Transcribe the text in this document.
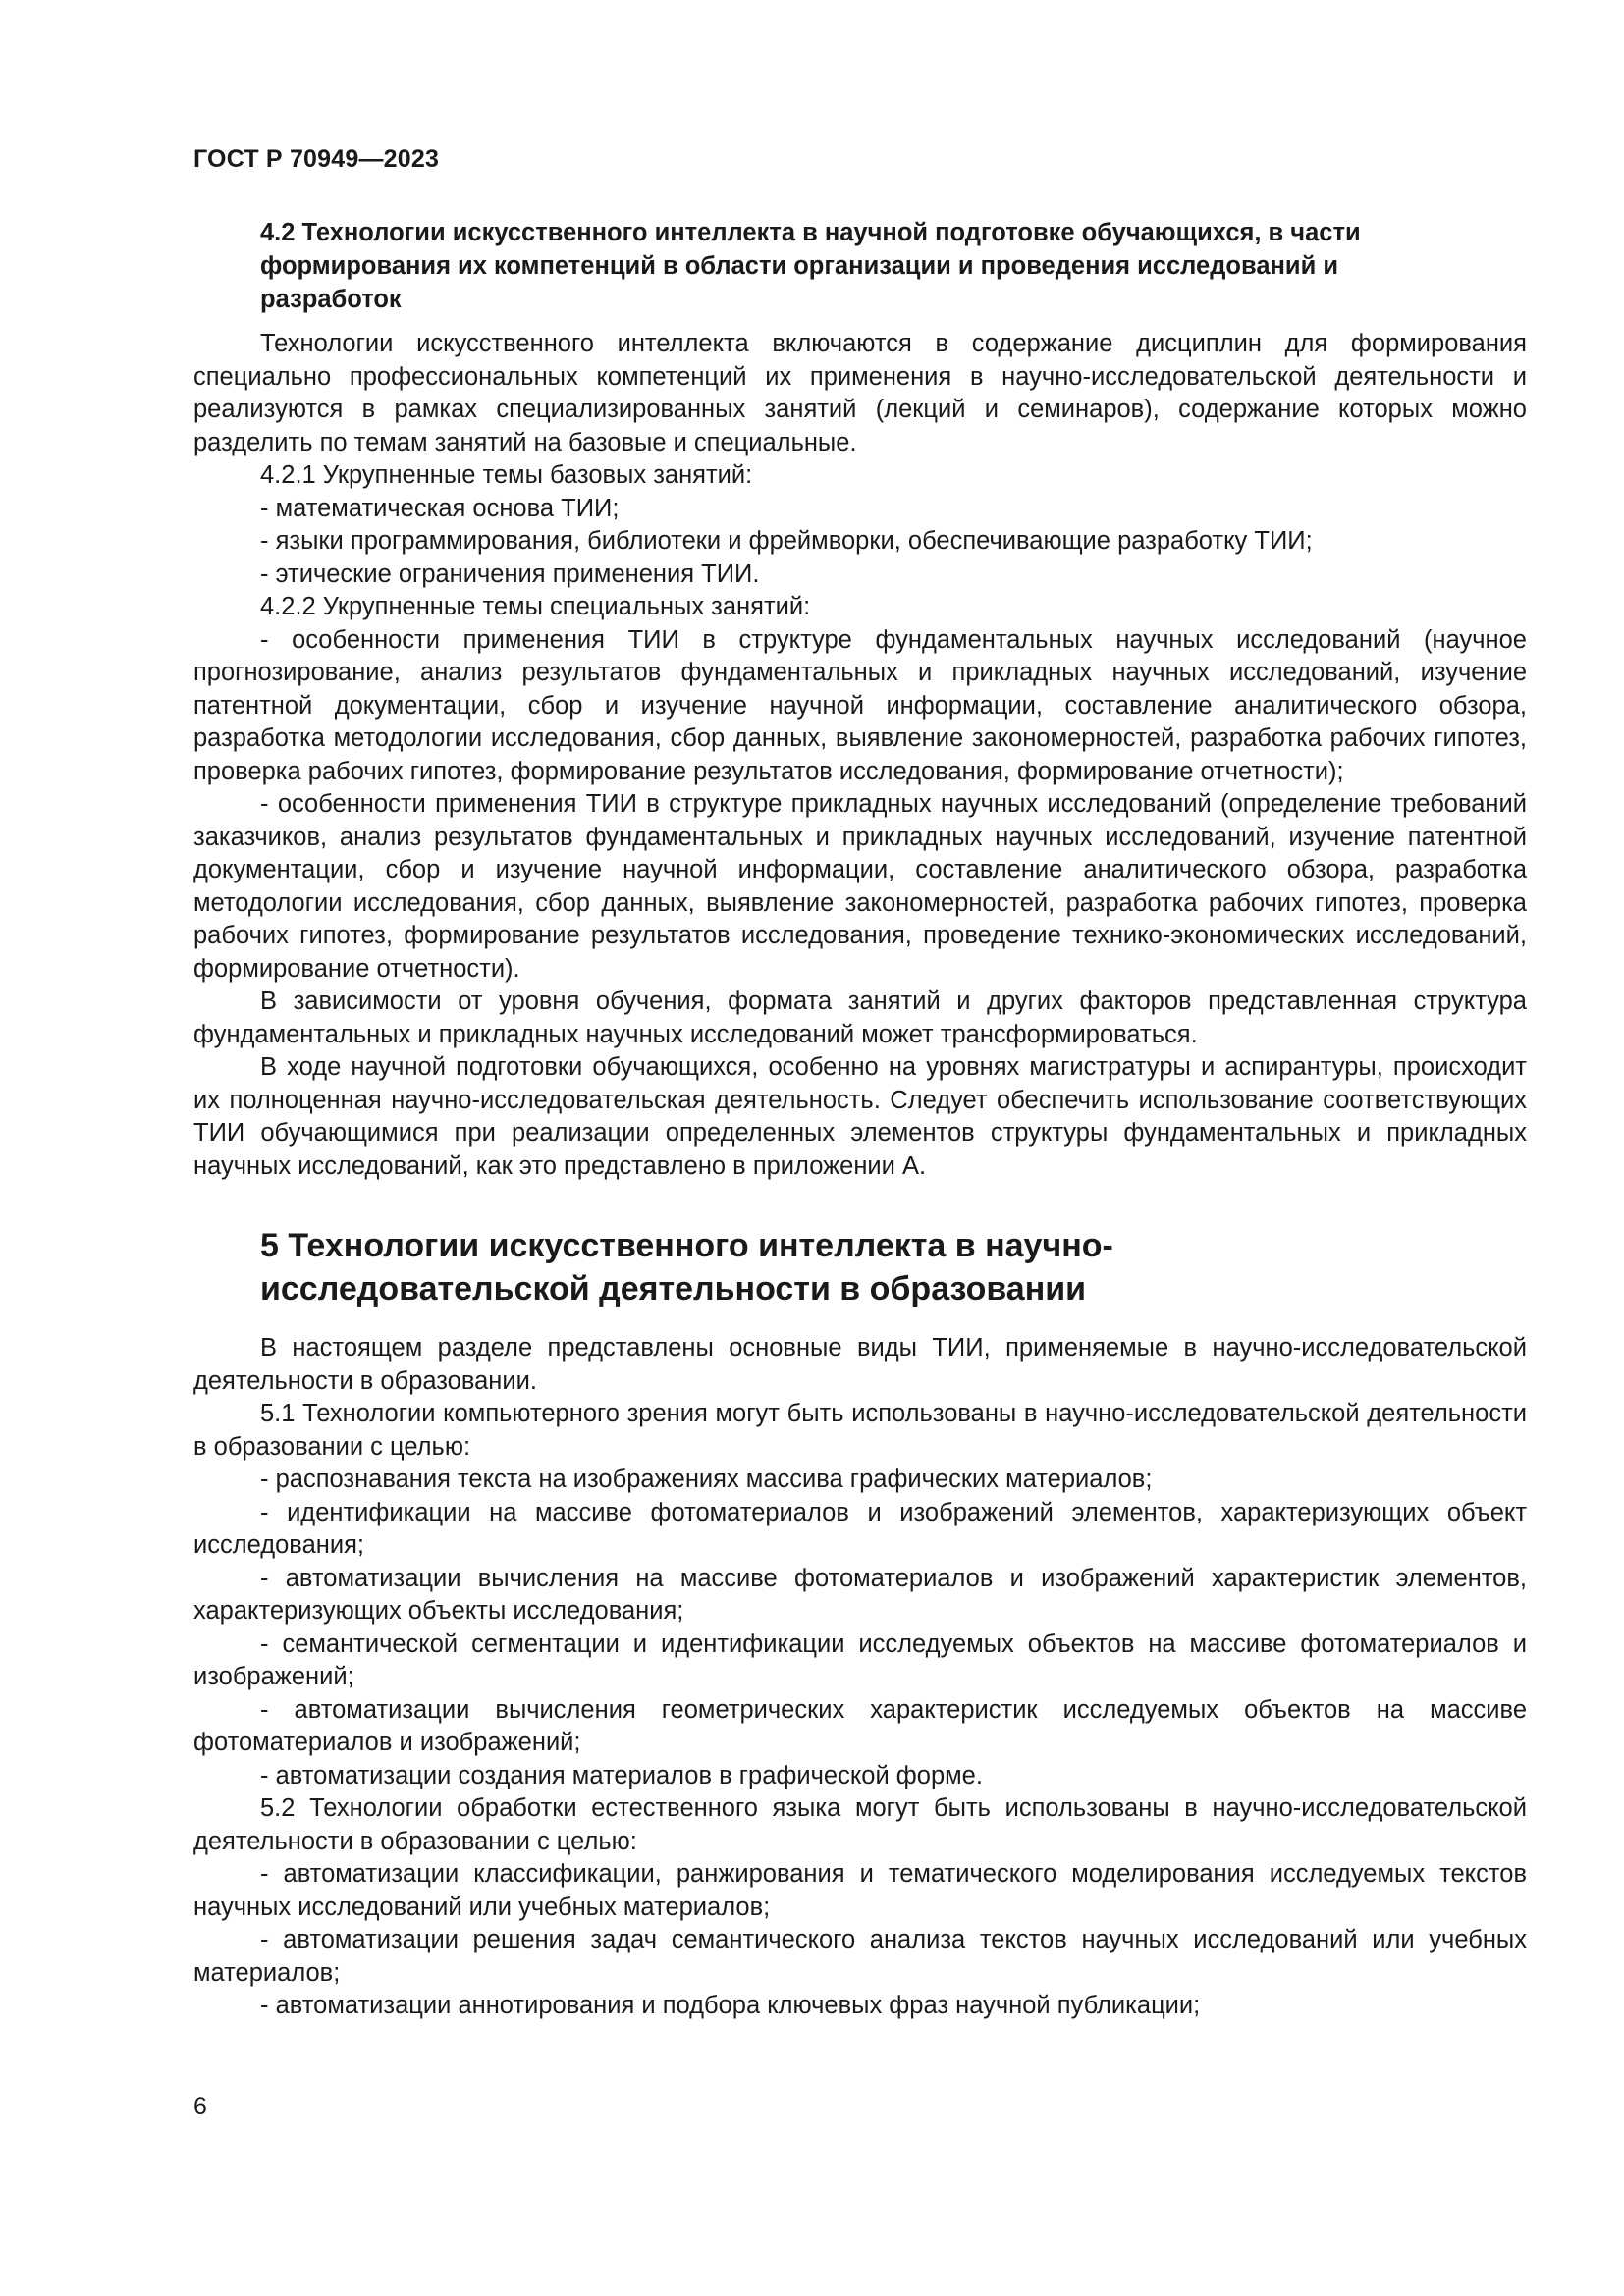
ГОСТ Р 70949—2023
4.2 Технологии искусственного интеллекта в научной подготовке обучающихся, в части формирования их компетенций в области организации и проведения исследований и разработок

Технологии искусственного интеллекта включаются в содержание дисциплин для формирования специально профессиональных компетенций их применения в научно-исследовательской деятельности и реализуются в рамках специализированных занятий (лекций и семинаров), содержание которых можно разделить по темам занятий на базовые и специальные.

4.2.1 Укрупненные темы базовых занятий:

- математическая основа ТИИ;

- языки программирования, библиотеки и фреймворки, обеспечивающие разработку ТИИ;

- этические ограничения применения ТИИ.

4.2.2 Укрупненные темы специальных занятий:

- особенности применения ТИИ в структуре фундаментальных научных исследований (научное прогнозирование, анализ результатов фундаментальных и прикладных научных исследований, изучение патентной документации, сбор и изучение научной информации, составление аналитического обзора, разработка методологии исследования, сбор данных, выявление закономерностей, разработка рабочих гипотез, проверка рабочих гипотез, формирование результатов исследования, формирование отчетности);

- особенности применения ТИИ в структуре прикладных научных исследований (определение требований заказчиков, анализ результатов фундаментальных и прикладных научных исследований, изучение патентной документации, сбор и изучение научной информации, составление аналитического обзора, разработка методологии исследования, сбор данных, выявление закономерностей, разработка рабочих гипотез, проверка рабочих гипотез, формирование результатов исследования, проведение технико-экономических исследований, формирование отчетности).

В зависимости от уровня обучения, формата занятий и других факторов представленная структура фундаментальных и прикладных научных исследований может трансформироваться.

В ходе научной подготовки обучающихся, особенно на уровнях магистратуры и аспирантуры, происходит их полноценная научно-исследовательская деятельность. Следует обеспечить использование соответствующих ТИИ обучающимися при реализации определенных элементов структуры фундаментальных и прикладных научных исследований, как это представлено в приложении А.

5 Технологии искусственного интеллекта в научно-исследовательской деятельности в образовании

В настоящем разделе представлены основные виды ТИИ, применяемые в научно-исследовательской деятельности в образовании.

5.1 Технологии компьютерного зрения могут быть использованы в научно-исследовательской деятельности в образовании с целью:

- распознавания текста на изображениях массива графических материалов;

- идентификации на массиве фотоматериалов и изображений элементов, характеризующих объект исследования;

- автоматизации вычисления на массиве фотоматериалов и изображений характеристик элементов, характеризующих объекты исследования;

- семантической сегментации и идентификации исследуемых объектов на массиве фотоматериалов и изображений;

- автоматизации вычисления геометрических характеристик исследуемых объектов на массиве фотоматериалов и изображений;

- автоматизации создания материалов в графической форме.

5.2 Технологии обработки естественного языка могут быть использованы в научно-исследовательской деятельности в образовании с целью:

- автоматизации классификации, ранжирования и тематического моделирования исследуемых текстов научных исследований или учебных материалов;

- автоматизации решения задач семантического анализа текстов научных исследований или учебных материалов;

- автоматизации аннотирования и подбора ключевых фраз научной публикации;

6
